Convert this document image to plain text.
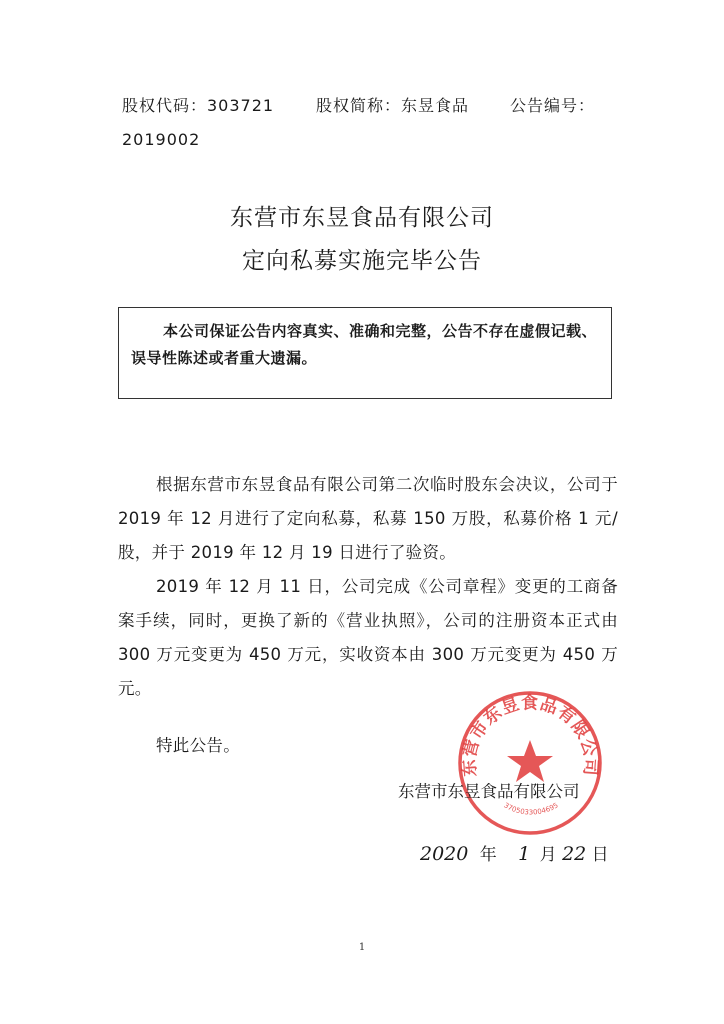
股权代码：303721	股权简称：东昱食品	公告编号：
2019002
东营市东昱食品有限公司
定向私募实施完毕公告
本公司保证公告内容真实、准确和完整，公告不存在虚假记载、误导性陈述或者重大遗漏。
根据东营市东昱食品有限公司第二次临时股东会决议，公司于 2019 年 12 月进行了定向私募，私募 150 万股，私募价格 1 元/股，并于 2019 年 12 月 19 日进行了验资。
2019 年 12 月 11 日，公司完成《公司章程》变更的工商备案手续，同时，更换了新的《营业执照》，公司的注册资本正式由 300 万元变更为 450 万元，实收资本由 300 万元变更为 450 万元。
特此公告。
东营市东昱食品有限公司
3705033004695
东营市东昱食品有限公司
2020 年 1 月 22 日
1
